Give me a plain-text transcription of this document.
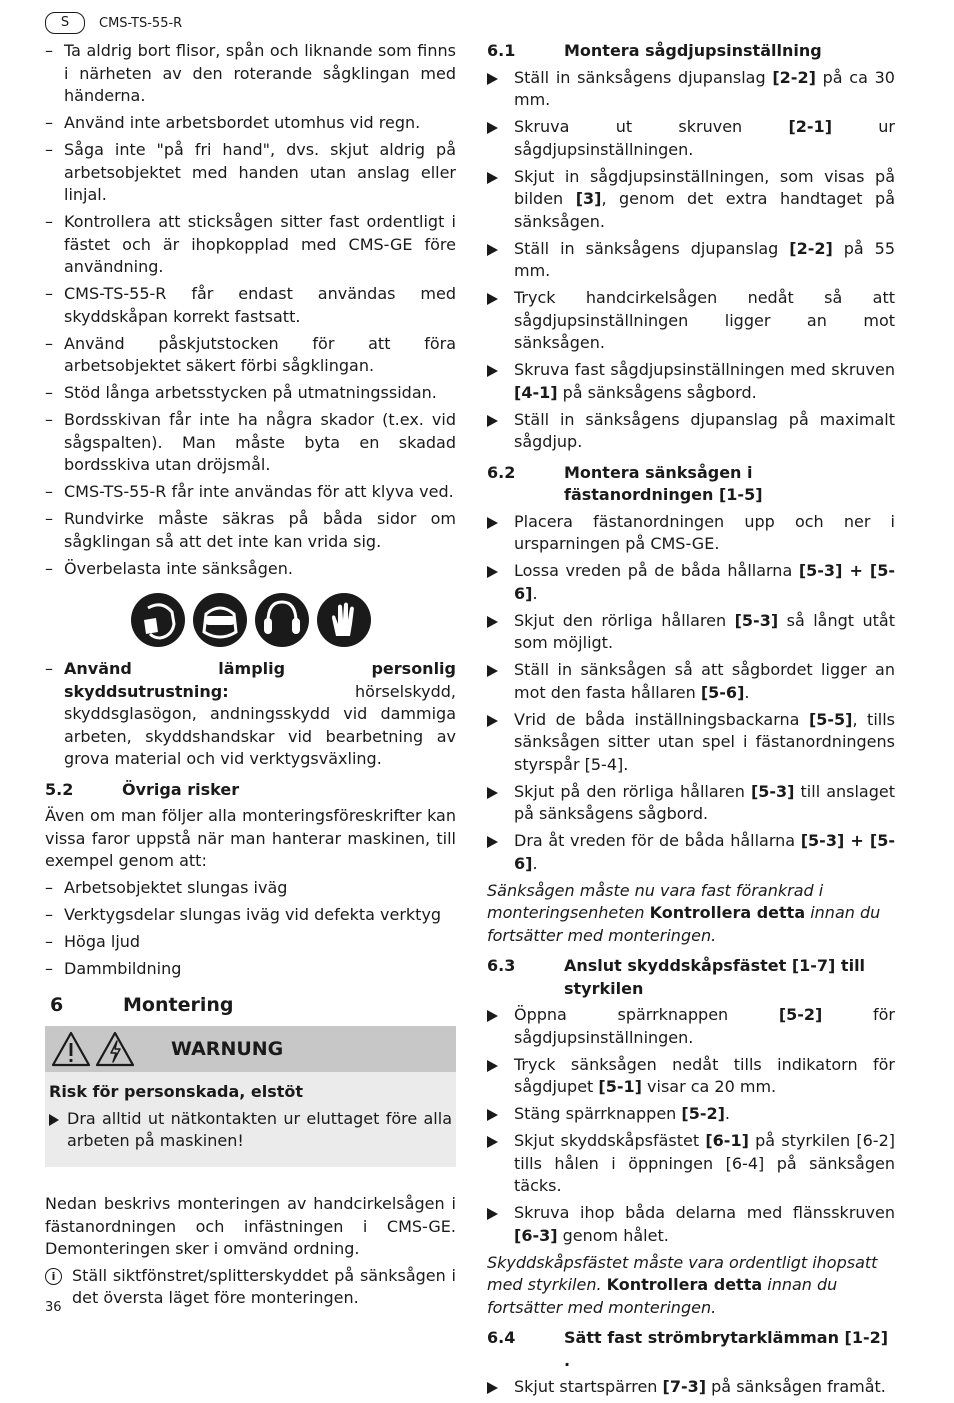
S	CMS-TS-55-R
– Ta aldrig bort flisor, spån och liknande som finns i närheten av den roterande sågklingan med händerna.
– Använd inte arbetsbordet utomhus vid regn.
– Såga inte "på fri hand", dvs. skjut aldrig på arbetsobjektet med handen utan anslag eller linjal.
– Kontrollera att sticksågen sitter fast ordentligt i fästet och är ihopkopplad med CMS-GE före användning.
– CMS-TS-55-R får endast användas med skyddskåpan korrekt fastsatt.
– Använd påskjutstocken för att föra arbetsobjektet säkert förbi sågklingan.
– Stöd långa arbetsstycken på utmatningssidan.
– Bordsskivan får inte ha några skador (t.ex. vid sågspalten). Man måste byta en skadad bordsskiva utan dröjsmål.
– CMS-TS-55-R får inte användas för att klyva ved.
– Rundvirke måste säkras på båda sidor om sågklingan så att det inte kan vrida sig.
– Överbelasta inte sänksågen.
– Använd lämplig personlig skyddsutrustning: hörselskydd, skyddsglasögon, andningsskydd vid dammiga arbeten, skyddshandskar vid bearbetning av grova material och vid verktygsväxling.
5.2	Övriga risker

Även om man följer alla monteringsföreskrifter kan vissa faror uppstå när man hanterar maskinen, till exempel genom att:

– Arbetsobjektet slungas iväg
– Verktygsdelar slungas iväg vid defekta verktyg
– Höga ljud
– Dammbildning
6	Montering
WARNUNG
Risk för personskada, elstöt
Dra alltid ut nätkontakten ur eluttaget före alla arbeten på maskinen!

Nedan beskrivs monteringen av handcirkelsågen i fästanordningen och infästningen i CMS-GE. Demonteringen sker i omvänd ordning.

i	Ställ siktfönstret/splitterskyddet på sänksågen i det översta läget före monteringen.
6.1	Montera sågdjupsinställning
Ställ in sänksågens djupanslag [2-2] på ca 30 mm.
Skruva ut skruven [2-1] ur sågdjupsinställningen.
Skjut in sågdjupsinställningen, som visas på bilden [3], genom det extra handtaget på sänksågen.
Ställ in sänksågens djupanslag [2-2] på 55 mm.
Tryck handcirkelsågen nedåt så att sågdjupsinställningen ligger an mot sänksågen.
Skruva fast sågdjupsinställningen med skruven [4-1] på sänksågens sågbord.
Ställ in sänksågens djupanslag på maximalt sågdjup.
6.2	Montera sänksågen i fästanordningen [1-5]
Placera fästanordningen upp och ner i ursparningen på CMS-GE.
Lossa vreden på de båda hållarna [5-3] + [5-6].
Skjut den rörliga hållaren [5-3] så långt utåt som möjligt.
Ställ in sänksågen så att sågbordet ligger an mot den fasta hållaren [5-6].
Vrid de båda inställningsbackarna [5-5], tills sänksågen sitter utan spel i fästanordningens styrspår [5-4].
Skjut på den rörliga hållaren [5-3] till anslaget på sänksågens sågbord.
Dra åt vreden för de båda hållarna [5-3] + [5-6].

Sänksågen måste nu vara fast förankrad i monteringsenheten Kontrollera detta innan du fortsätter med monteringen.

6.3	Anslut skyddskåpsfästet [1-7] till styrkilen
Öppna spärrknappen [5-2] för sågdjupsinställningen.
Tryck sänksågen nedåt tills indikatorn för sågdjupet [5-1] visar ca 20 mm.
Stäng spärrknappen [5-2].
Skjut skyddskåpsfästet [6-1] på styrkilen [6-2] tills hålen i öppningen [6-4] på sänksågen täcks.
Skruva ihop båda delarna med flänsskruven [6-3] genom hålet.

Skyddskåpsfästet måste vara ordentligt ihopsatt med styrkilen. Kontrollera detta innan du fortsätter med monteringen.

6.4	Sätt fast strömbrytarklämman [1-2] .
Skjut startspärren [7-3] på sänksågen framåt.
36
